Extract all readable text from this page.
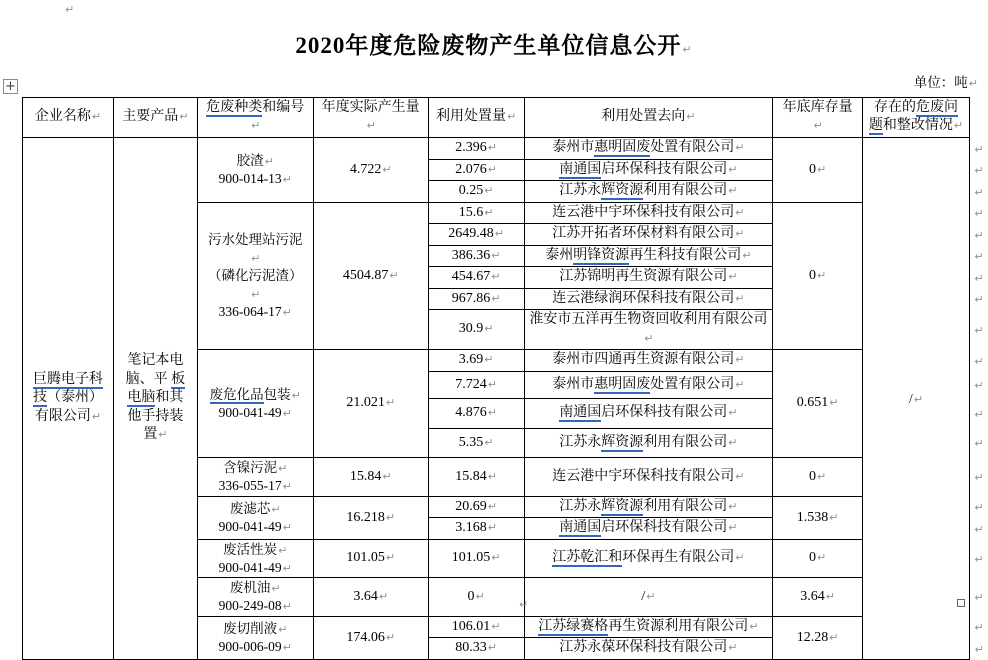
↵
2020年度危险废物产生单位信息公开↵
单位：吨↵
+
企业名称↵	主要产品↵	危废种类和编号↵	年度实际产生量↵	利用处置量↵	利用处置去向↵	年底库存量↵	存在的危废问题和整改情况↵	
巨腾电子科技（泰州）有限公司↵	笔记本电脑、平 板电脑和其他手持装置↵	胶渣↵
900-014-13↵	4.722↵	2.396↵	泰州市惠明固废处置有限公司↵	0↵	/↵	↵
				2.076↵	南通国启环保科技有限公司↵			↵
				0.25↵	江苏永辉资源利用有限公司↵			↵
		污水处理站污泥↵
（磷化污泥渣）↵
336-064-17↵	4504.87↵	15.6↵	连云港中宇环保科技有限公司↵	0↵		↵
				2649.48↵	江苏开拓者环保材料有限公司↵			↵
				386.36↵	泰州明锋资源再生科技有限公司↵			↵
				454.67↵	江苏锦明再生资源有限公司↵			↵
				967.86↵	连云港绿润环保科技有限公司↵			↵
				30.9↵	淮安市五洋再生物资回收利用有限公司↵			↵
		废危化品包装↵
900-041-49↵	21.021↵	3.69↵	泰州市四通再生资源有限公司↵	0.651↵		↵
				7.724↵	泰州市惠明固废处置有限公司↵			↵
				4.876↵	南通国启环保科技有限公司↵			↵
				5.35↵	江苏永辉资源利用有限公司↵			↵
		含镍污泥↵
336-055-17↵	15.84↵	15.84↵	连云港中宇环保科技有限公司↵	0↵		↵
		废滤芯↵
900-041-49↵	16.218↵	20.69↵	江苏永辉资源利用有限公司↵	1.538↵		↵
				3.168↵	南通国启环保科技有限公司↵			↵
		废活性炭↵
900-041-49↵	101.05↵	101.05↵	江苏乾汇和环保再生有限公司↵	0↵		↵
		废机油↵
900-249-08↵	3.64↵	0↵	/↵	3.64↵		↵
		废切削液↵
900-006-09↵	174.06↵	106.01↵	江苏绿赛格再生资源利用有限公司↵	12.28↵		↵
				80.33↵	江苏永葆环保科技有限公司↵			↵
↵
